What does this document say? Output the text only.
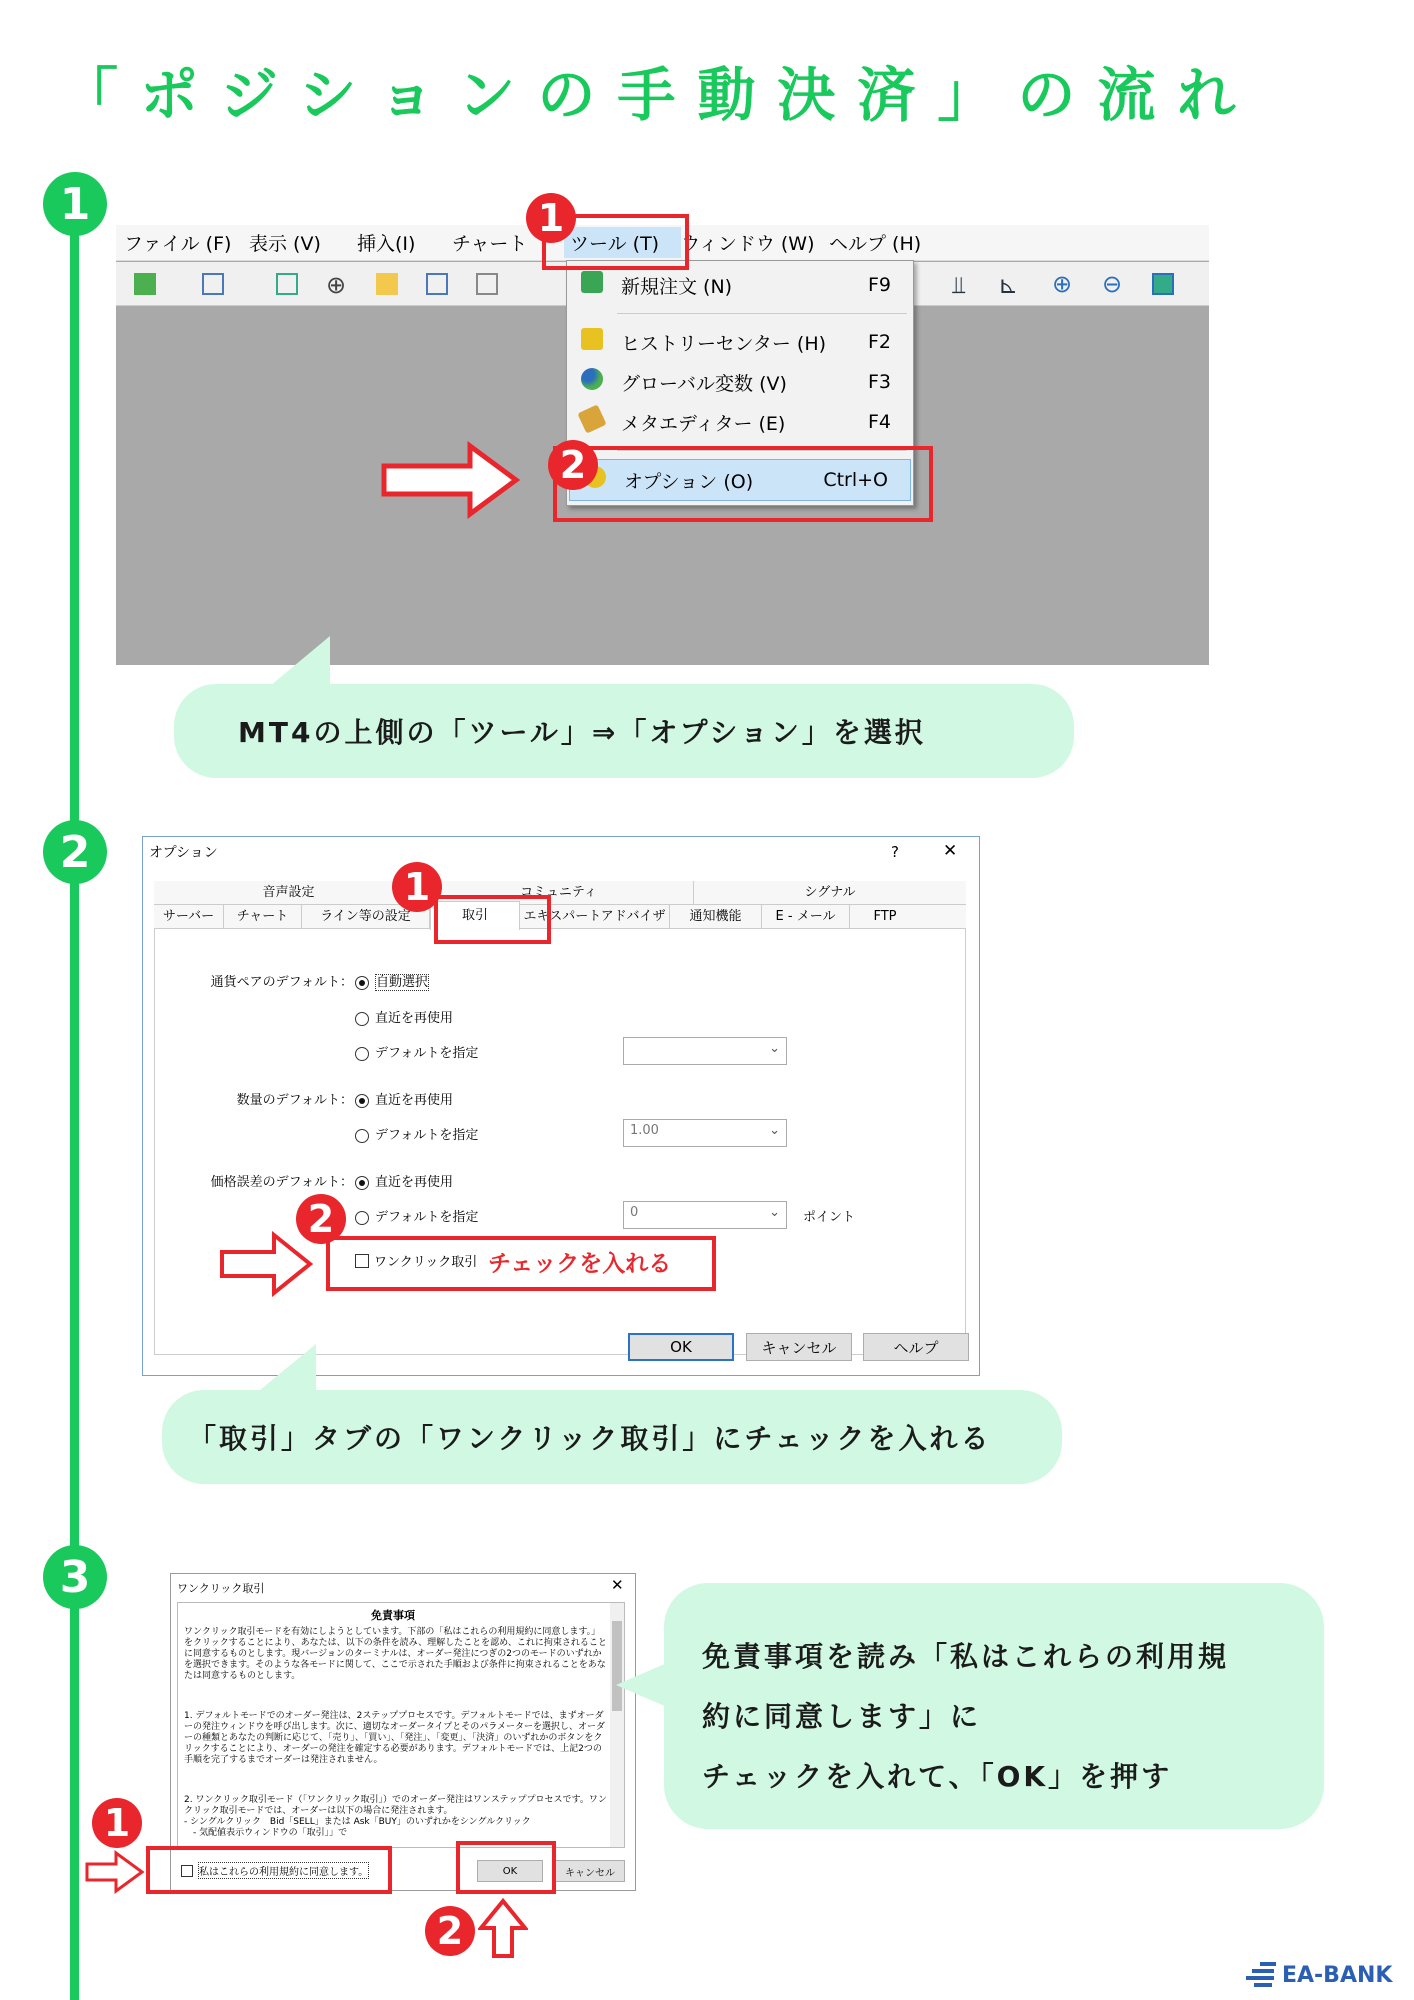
「ポジションの手動決済」の流れ
1
2
3
ファイル (F) 表示 (V)	挿入(I)	チャート	ツール (T)	ウィンドウ (W) ヘルプ (H)
⊕	⫫ ⊾ ⊕ ⊖
新規注文 (N)	F9
ヒストリーセンター (H) F2
グローバル変数 (V)	F3
メタエディター (E)	F4
オプション (O)	Ctrl+O
1
2
MT4の上側の「ツール」⇒「オプション」を選択
オプション	?	✕
音声設定	コミュニティ	シグナル
サーバー	チャート	ライン等の設定	取引	エキスパートアドバイザ	通知機能	E - メール	FTP
通貨ペアのデフォルト：	自動選択
直近を再使用
デフォルトを指定	⌄
数量のデフォルト：	直近を再使用
デフォルトを指定	1.00	⌄
価格誤差のデフォルト：	直近を再使用
デフォルトを指定	0	⌄ ポイント
ワンクリック取引
OK	キャンセル	ヘルプ
1
チェックを入れる
2
「取引」タブの「ワンクリック取引」にチェックを入れる
ワンクリック取引	✕
免責事項
ワンクリック取引モードを有効にしようとしています。下部の「私はこれらの利用規約に同意します。」をクリックすることにより、あなたは、以下の条件を読み、理解したことを認め、これに拘束されることに同意するものとします。現バージョンのターミナルは、オーダー発注につぎの2つのモードのいずれかを選択できます。そのような各モードに関して、ここで示された手順および条件に拘束されることをあなたは同意するものとします。
1. デフォルトモードでのオーダー発注は、2ステッププロセスです。デフォルトモードでは、まずオーダーの発注ウィンドウを呼び出します。次に、適切なオーダータイプとそのパラメーターを選択し、オーダーの種類とあなたの判断に応じて、「売り」、「買い」、「発注」、「変更」、「決済」のいずれかのボタンをクリックすることにより、オーダーの発注を確定する必要があります。デフォルトモードでは、上記2つの手順を完了するまでオーダーは発注されません。
2. ワンクリック取引モード（「ワンクリック取引」）でのオーダー発注はワンステッププロセスです。ワンクリック取引モードでは、オーダーは以下の場合に発注されます。
- シングルクリック　Bid「SELL」または Ask「BUY」のいずれかをシングルクリック
　- 気配値表示ウィンドウの「取引」」で
私はこれらの利用規約に同意します。	OK	キャンセル
1
2
免責事項を読み「私はこれらの利用規
約に同意します」に
チェックを入れて、「OK」を押す
EA-BANK
